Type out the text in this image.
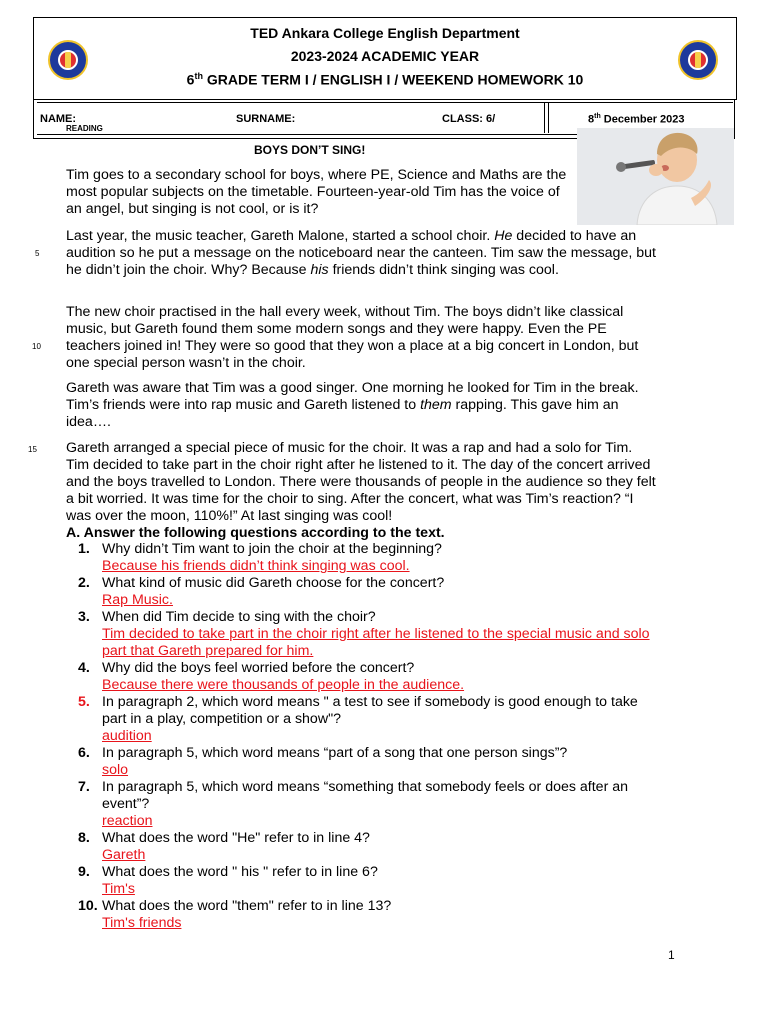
TED Ankara College English Department
2023-2024 ACADEMIC YEAR
6th GRADE TERM I / ENGLISH I / WEEKEND HOMEWORK 10
NAME:	SURNAME:	CLASS: 6/	8th December 2023
READING
BOYS DON’T SING!

Tim goes to a secondary school for boys, where PE, Science and Maths are the most popular subjects on the timetable. Fourteen-year-old Tim has the voice of an angel, but singing is not cool, or is it?

Last year, the music teacher, Gareth Malone, started a school choir. He decided to have an audition so he put a message on the noticeboard near the canteen. Tim saw the message, but he didn’t join the choir. Why? Because his friends didn’t think singing was cool.

The new choir practised in the hall every week, without Tim. The boys didn’t like classical music, but Gareth found them some modern songs and they were happy. Even the PE teachers joined in! They were so good that they won a place at a big concert in London, but one special person wasn’t in the choir.

Gareth was aware that Tim was a good singer. One morning he looked for Tim in the break. Tim’s friends were into rap music and Gareth listened to them rapping. This gave him an idea….

Gareth arranged a special piece of music for the choir. It was a rap and had a solo for Tim. Tim decided to take part in the choir right after he listened to it. The day of the concert arrived and the boys travelled to London. There were thousands of people in the audience so they felt a bit worried. It was time for the choir to sing. After the concert, what was Tim’s reaction? “I was over the moon, 110%!” At last singing was cool!

5
10
15
A. Answer the following questions according to the text.
1. Why didn’t Tim want to join the choir at the beginning?
Because his friends didn’t think singing was cool.
2. What kind of music did Gareth choose for the concert?
Rap Music.
3. When did Tim decide to sing with the choir?
Tim decided to take part in the choir right after he listened to the special music and solo part that Gareth prepared for him.
4. Why did the boys feel worried before the concert?
Because there were thousands of people in the audience.
5. In paragraph 2, which word means " a test to see if somebody is good enough to take part in a play, competition or a show"?
audition
6. In paragraph 5, which word means “part of a song that one person sings”?
solo
7. In paragraph 5, which word means “something that somebody feels or does after an event”?
reaction
8. What does the word "He" refer to in line 4?
Gareth
9. What does the word " his " refer to in line 6?
Tim's
10. What does the word "them" refer to in line 13?
Tim's friends
1
